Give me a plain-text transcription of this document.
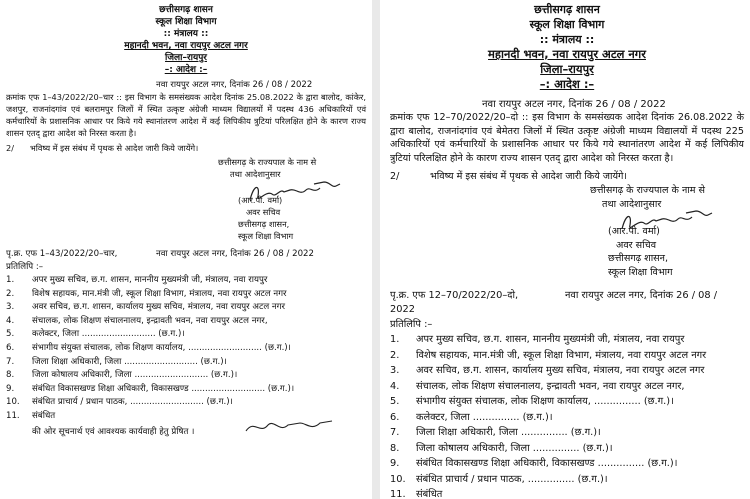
छत्तीसगढ़ शासन
स्कूल शिक्षा विभाग
:: मंत्रालय ::
महानदी भवन, नवा रायपुर अटल नगर
जिला–रायपुर
–: आदेश :–
नवा रायपुर अटल नगर, दिनांक 26 / 08 / 2022
क्रमांक एफ 1–43/2022/20–चार :: इस विभाग के समसंख्यक आदेश दिनांक 25.08.2022 के द्वारा बालोद, कांकेर, जशपुर, राजनांदगांव एवं बलरामपुर जिलों में स्थित उत्कृष्ट अंग्रेजी माध्यम विद्यालयों में पदस्थ 436 अधिकारियों एवं कर्मचारियों के प्रशासनिक आधार पर किये गये स्थानांतरण आदेश में कई लिपिकीय त्रुटियां परिलक्षित होने के कारण राज्य शासन एतद् द्वारा आदेश को निरस्त करता है।
2/ भविष्य में इस संबंध में पृथक से आदेश जारी किये जायेंगे।
छत्तीसगढ़ के राज्यपाल के नाम से
तथा आदेशानुसार
(आर.पी. वर्मा)
अवर सचिव
छत्तीसगढ़ शासन,
स्कूल शिक्षा विभाग
पृ.क्र. एफ 1–43/2022/20–चार,	नवा रायपुर अटल नगर, दिनांक 26 / 08 / 2022
प्रतिलिपि :–
1.	अपर मुख्य सचिव, छ.ग. शासन, माननीय मुख्यमंत्री जी, मंत्रालय, नवा रायपुर
2.	विशेष सहायक, मान.मंत्री जी, स्कूल शिक्षा विभाग, मंत्रालय, नवा रायपुर अटल नगर
3.	अवर सचिव, छ.ग. शासन, कार्यालय मुख्य सचिव, मंत्रालय, नवा रायपुर अटल नगर
4.	संचालक, लोक शिक्षण संचालनालय, इन्द्रावती भवन, नवा रायपुर अटल नगर,
5.	कलेक्टर, जिला ........................... (छ.ग.)।
6.	संभागीय संयुक्त संचालक, लोक शिक्षण कार्यालय, ........................... (छ.ग.)।
7.	जिला शिक्षा अधिकारी, जिला ........................... (छ.ग.)।
8.	जिला कोषालय अधिकारी, जिला ........................... (छ.ग.)।
9.	संबंधित विकासखण्ड शिक्षा अधिकारी, विकासखण्ड ........................... (छ.ग.)।
10.	संबंधित प्राचार्य / प्रधान पाठक, ........................... (छ.ग.)।
11.	संबंधित
की ओर सूचनार्थ एवं आवश्यक कार्यवाही हेतु प्रेषित ।
छत्तीसगढ़ शासन
स्कूल शिक्षा विभाग
:: मंत्रालय ::
महानदी भवन, नवा रायपुर अटल नगर
जिला–रायपुर
–: आदेश :–
नवा रायपुर अटल नगर, दिनांक 26 / 08 / 2022
क्रमांक एफ 12–70/2022/20–दो :: इस विभाग के समसंख्यक आदेश दिनांक 26.08.2022 के द्वारा बालोद, राजनांदगांव एवं बेमेतरा जिलों में स्थित उत्कृष्ट अंग्रेजी माध्यम विद्यालयों में पदस्थ 225 अधिकारियों एवं कर्मचारियों के प्रशासनिक आधार पर किये गये स्थानांतरण आदेश में कई लिपिकीय त्रुटियां परिलक्षित होने के कारण राज्य शासन एतद् द्वारा आदेश को निरस्त करता है।
2/	भविष्य में इस संबंध में पृथक से आदेश जारी किये जायेंगे।
छत्तीसगढ़ के राज्यपाल के नाम से
तथा आदेशानुसार
(आर.पी. वर्मा)
अवर सचिव
छत्तीसगढ़ शासन,
स्कूल शिक्षा विभाग
पृ.क्र. एफ 12–70/2022/20–दो,	नवा रायपुर अटल नगर, दिनांक 26 / 08 / 2022
प्रतिलिपि :–
1.	अपर मुख्य सचिव, छ.ग. शासन, माननीय मुख्यमंत्री जी, मंत्रालय, नवा रायपुर
2.	विशेष सहायक, मान.मंत्री जी, स्कूल शिक्षा विभाग, मंत्रालय, नवा रायपुर अटल नगर
3.	अवर सचिव, छ.ग. शासन, कार्यालय मुख्य सचिव, मंत्रालय, नवा रायपुर अटल नगर
4.	संचालक, लोक शिक्षण संचालनालय, इन्द्रावती भवन, नवा रायपुर अटल नगर,
5.	संभागीय संयुक्त संचालक, लोक शिक्षण कार्यालय, ............... (छ.ग.)।
6.	कलेक्टर, जिला ............... (छ.ग.)।
7.	जिला शिक्षा अधिकारी, जिला ............... (छ.ग.)।
8.	जिला कोषालय अधिकारी, जिला ............... (छ.ग.)।
9.	संबंधित विकासखण्ड शिक्षा अधिकारी, विकासखण्ड ............... (छ.ग.)।
10.	संबंधित प्राचार्य / प्रधान पाठक, ............... (छ.ग.)।
11.	संबंधित
